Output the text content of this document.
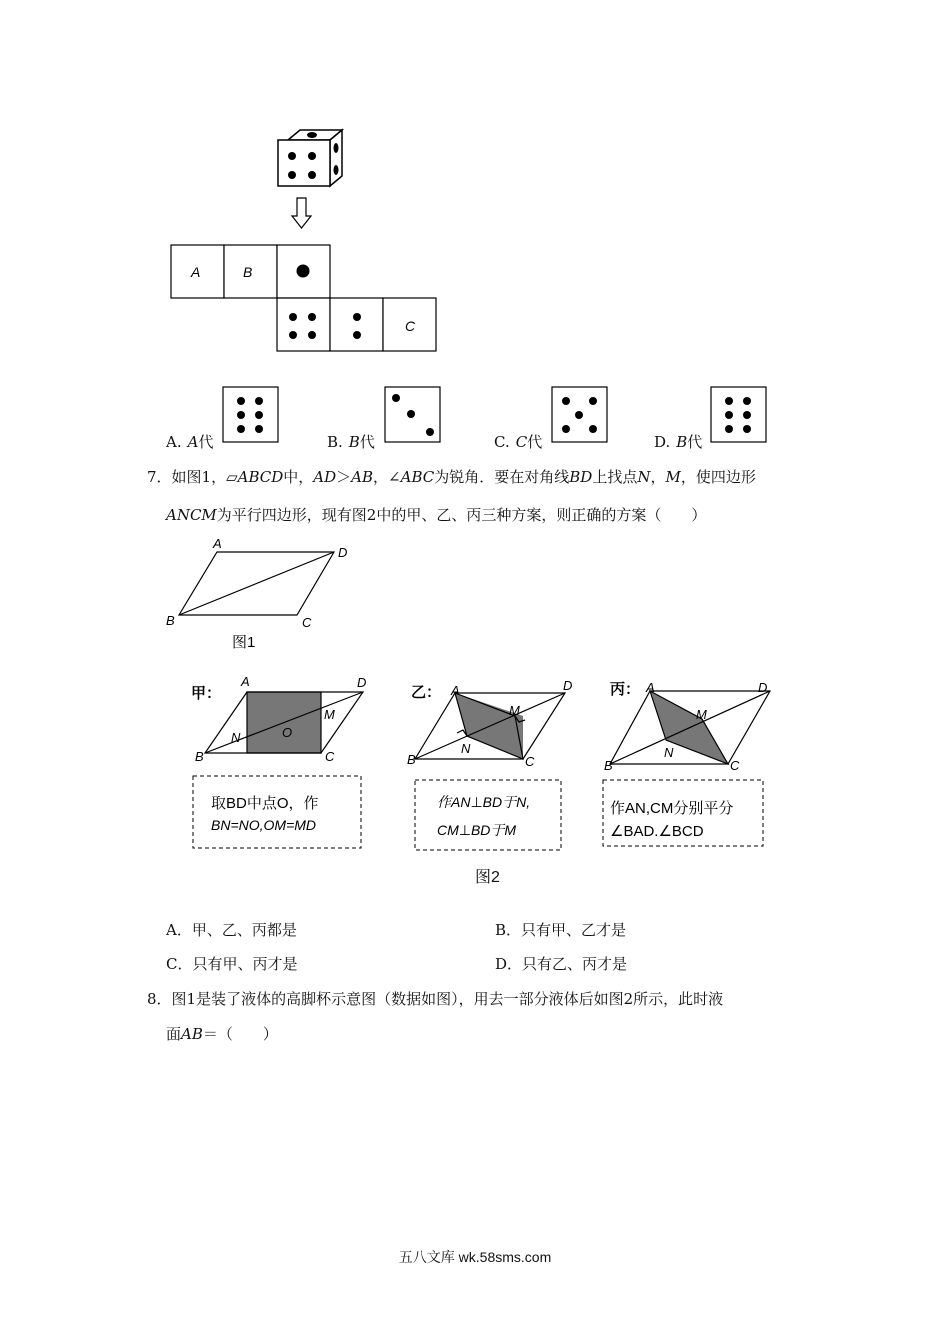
A	B
C
A. A代	B. B代	C. C代	D. B代
7．如图1，▱ABCD中，AD＞AB，∠ABC为锐角．要在对角线BD上找点N，M，使四边形
ANCM为平行四边形，现有图2中的甲、乙、丙三种方案，则正确的方案（　　）
A
D
B	C
图1
甲：
A	D
M
N	O
B	C
取BD中点O，作
BN=NO,OM=MD
乙： A	D
M
N
B	C
作AN⊥BD于N,
CM⊥BD于M
丙： A	D
M
N
B	C
作AN,CM分别平分
∠BAD.∠BCD
图2
A．甲、乙、丙都是	B．只有甲、乙才是
C．只有甲、丙才是	D．只有乙、丙才是
8．图1是装了液体的高脚杯示意图（数据如图），用去一部分液体后如图2所示，此时液
面AB＝（　　）
五八文库 wk.58sms.com
